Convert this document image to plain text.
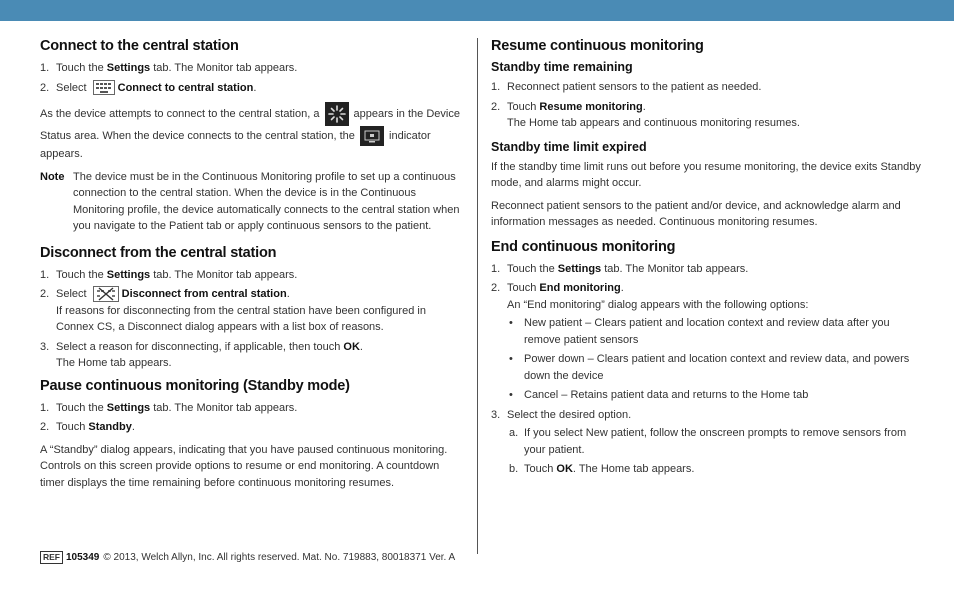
Connect to the central station
1. Touch the Settings tab. The Monitor tab appears.
2. Select	Connect to central station.

As the device attempts to connect to the central station, a	appears in the Device Status area. When the device connects to the central station, the	indicator appears.

Note The device must be in the Continuous Monitoring profile to set up a continuous connection to the central station. When the device is in the Continuous Monitoring profile, the device automatically connects to the central station when you navigate to the Patient tab or apply continuous sensors to the patient.

Disconnect from the central station
1. Touch the Settings tab. The Monitor tab appears.
2. Select	Disconnect from central station.
If reasons for disconnecting from the central station have been configured in Connex CS, a Disconnect dialog appears with a list box of reasons.
3. Select a reason for disconnecting, if applicable, then touch OK.
The Home tab appears.
Pause continuous monitoring (Standby mode)
1. Touch the Settings tab. The Monitor tab appears.
2. Touch Standby.

A “Standby” dialog appears, indicating that you have paused continuous monitoring. Controls on this screen provide options to resume or end monitoring. A countdown timer displays the time remaining before continuous monitoring resumes.

Resume continuous monitoring
Standby time remaining
1. Reconnect patient sensors to the patient as needed.
2. Touch Resume monitoring.
The Home tab appears and continuous monitoring resumes.
Standby time limit expired

If the standby time limit runs out before you resume monitoring, the device exits Standby mode, and alarms might occur.

Reconnect patient sensors to the patient and/or device, and acknowledge alarm and information messages as needed. Continuous monitoring resumes.

End continuous monitoring
1. Touch the Settings tab. The Monitor tab appears.
2. Touch End monitoring.
An “End monitoring” dialog appears with the following options:
• New patient – Clears patient and location context and review data after you remove patient sensors
• Power down – Clears patient and location context and review data, and powers down the device
• Cancel – Retains patient data and returns to the Home tab
3. Select the desired option.
a. If you select New patient, follow the onscreen prompts to remove sensors from your patient.
b. Touch OK. The Home tab appears.
REF 105349 © 2013, Welch Allyn, Inc. All rights reserved. Mat. No. 719883, 80018371 Ver. A
